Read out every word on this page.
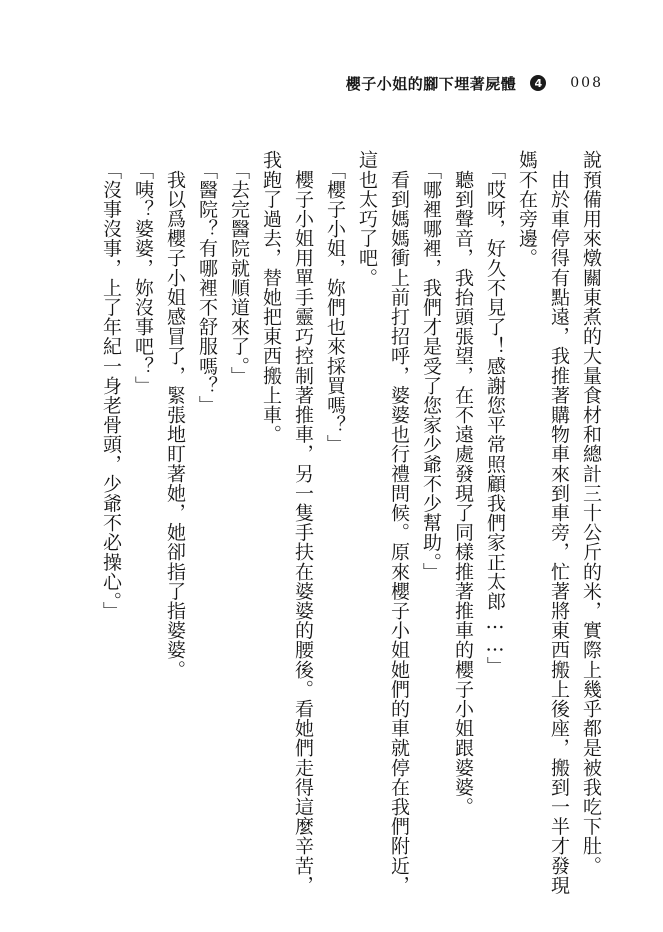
櫻子小姐的腳下埋著屍體	4 008
說預備用來燉關東煮的大量食材和總計三十公斤的米，實際上幾乎都是被我吃下肚。
　由於車停得有點遠，我推著購物車來到車旁，忙著將東西搬上後座，搬到一半才發現
媽不在旁邊。
　「哎呀，好久不見了！感謝您平常照顧我們家正太郎……」
　聽到聲音，我抬頭張望，在不遠處發現了同樣推著推車的櫻子小姐跟婆婆。
　「哪裡哪裡，我們才是受了您家少爺不少幫助。」
　看到媽媽衝上前打招呼，婆婆也行禮問候。原來櫻子小姐她們的車就停在我們附近，
這也太巧了吧。
　「櫻子小姐，妳們也來採買嗎？」
　櫻子小姐用單手靈巧控制著推車，另一隻手扶在婆婆的腰後。看她們走得這麼辛苦，
我跑了過去，替她把東西搬上車。
　「去完醫院就順道來了。」
　「醫院？有哪裡不舒服嗎？」
　我以爲櫻子小姐感冒了，緊張地盯著她，她卻指了指婆婆。
　「咦？婆婆，妳沒事吧？」
　「沒事沒事，上了年紀一身老骨頭，少爺不必操心。」
